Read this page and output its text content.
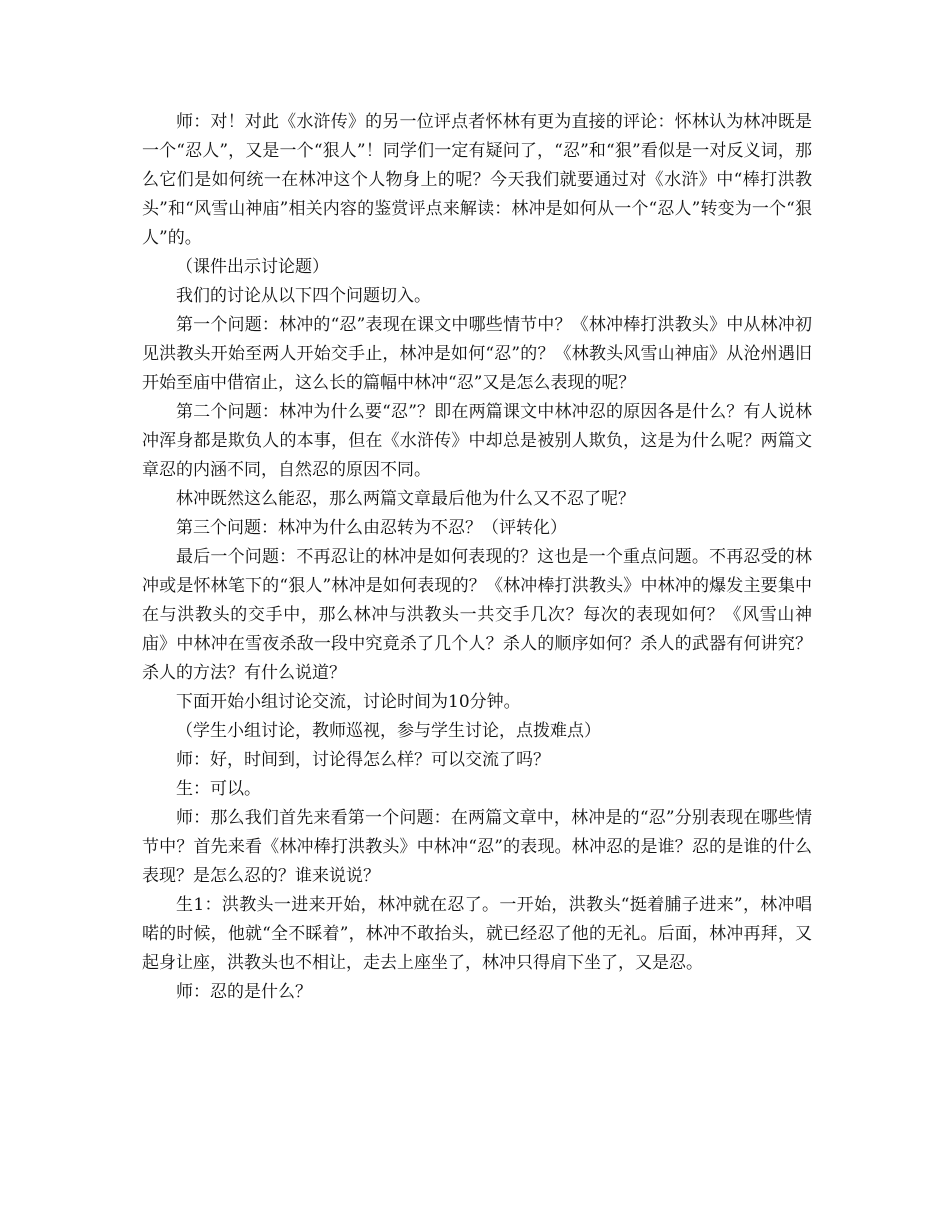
师：对！对此《水浒传》的另一位评点者怀林有更为直接的评论：怀林认为林冲既是一个“忍人”，又是一个“狠人”！同学们一定有疑问了，“忍”和“狠”看似是一对反义词，那么它们是如何统一在林冲这个人物身上的呢？今天我们就要通过对《水浒》中“棒打洪教头”和“风雪山神庙”相关内容的鉴赏评点来解读：林冲是如何从一个“忍人”转变为一个“狠人”的。

（课件出示讨论题）

我们的讨论从以下四个问题切入。

第一个问题：林冲的“忍”表现在课文中哪些情节中？《林冲棒打洪教头》中从林冲初见洪教头开始至两人开始交手止，林冲是如何“忍”的？《林教头风雪山神庙》从沧州遇旧开始至庙中借宿止，这么长的篇幅中林冲“忍”又是怎么表现的呢？

第二个问题：林冲为什么要“忍”？即在两篇课文中林冲忍的原因各是什么？有人说林冲浑身都是欺负人的本事，但在《水浒传》中却总是被别人欺负，这是为什么呢？两篇文章忍的内涵不同，自然忍的原因不同。

林冲既然这么能忍，那么两篇文章最后他为什么又不忍了呢？

第三个问题：林冲为什么由忍转为不忍？（评转化）

最后一个问题：不再忍让的林冲是如何表现的？这也是一个重点问题。不再忍受的林冲或是怀林笔下的“狠人”林冲是如何表现的？《林冲棒打洪教头》中林冲的爆发主要集中在与洪教头的交手中，那么林冲与洪教头一共交手几次？每次的表现如何？《风雪山神庙》中林冲在雪夜杀敌一段中究竟杀了几个人？杀人的顺序如何？杀人的武器有何讲究？杀人的方法？有什么说道？

下面开始小组讨论交流，讨论时间为10分钟。

（学生小组讨论，教师巡视，参与学生讨论，点拨难点）

师：好，时间到，讨论得怎么样？可以交流了吗？

生：可以。

师：那么我们首先来看第一个问题：在两篇文章中，林冲是的“忍”分别表现在哪些情节中？首先来看《林冲棒打洪教头》中林冲“忍”的表现。林冲忍的是谁？忍的是谁的什么表现？是怎么忍的？谁来说说？

生1：洪教头一进来开始，林冲就在忍了。一开始，洪教头“挺着脯子进来”，林冲唱喏的时候，他就“全不睬着”，林冲不敢抬头，就已经忍了他的无礼。后面，林冲再拜，又起身让座，洪教头也不相让，走去上座坐了，林冲只得肩下坐了，又是忍。

师：忍的是什么？
